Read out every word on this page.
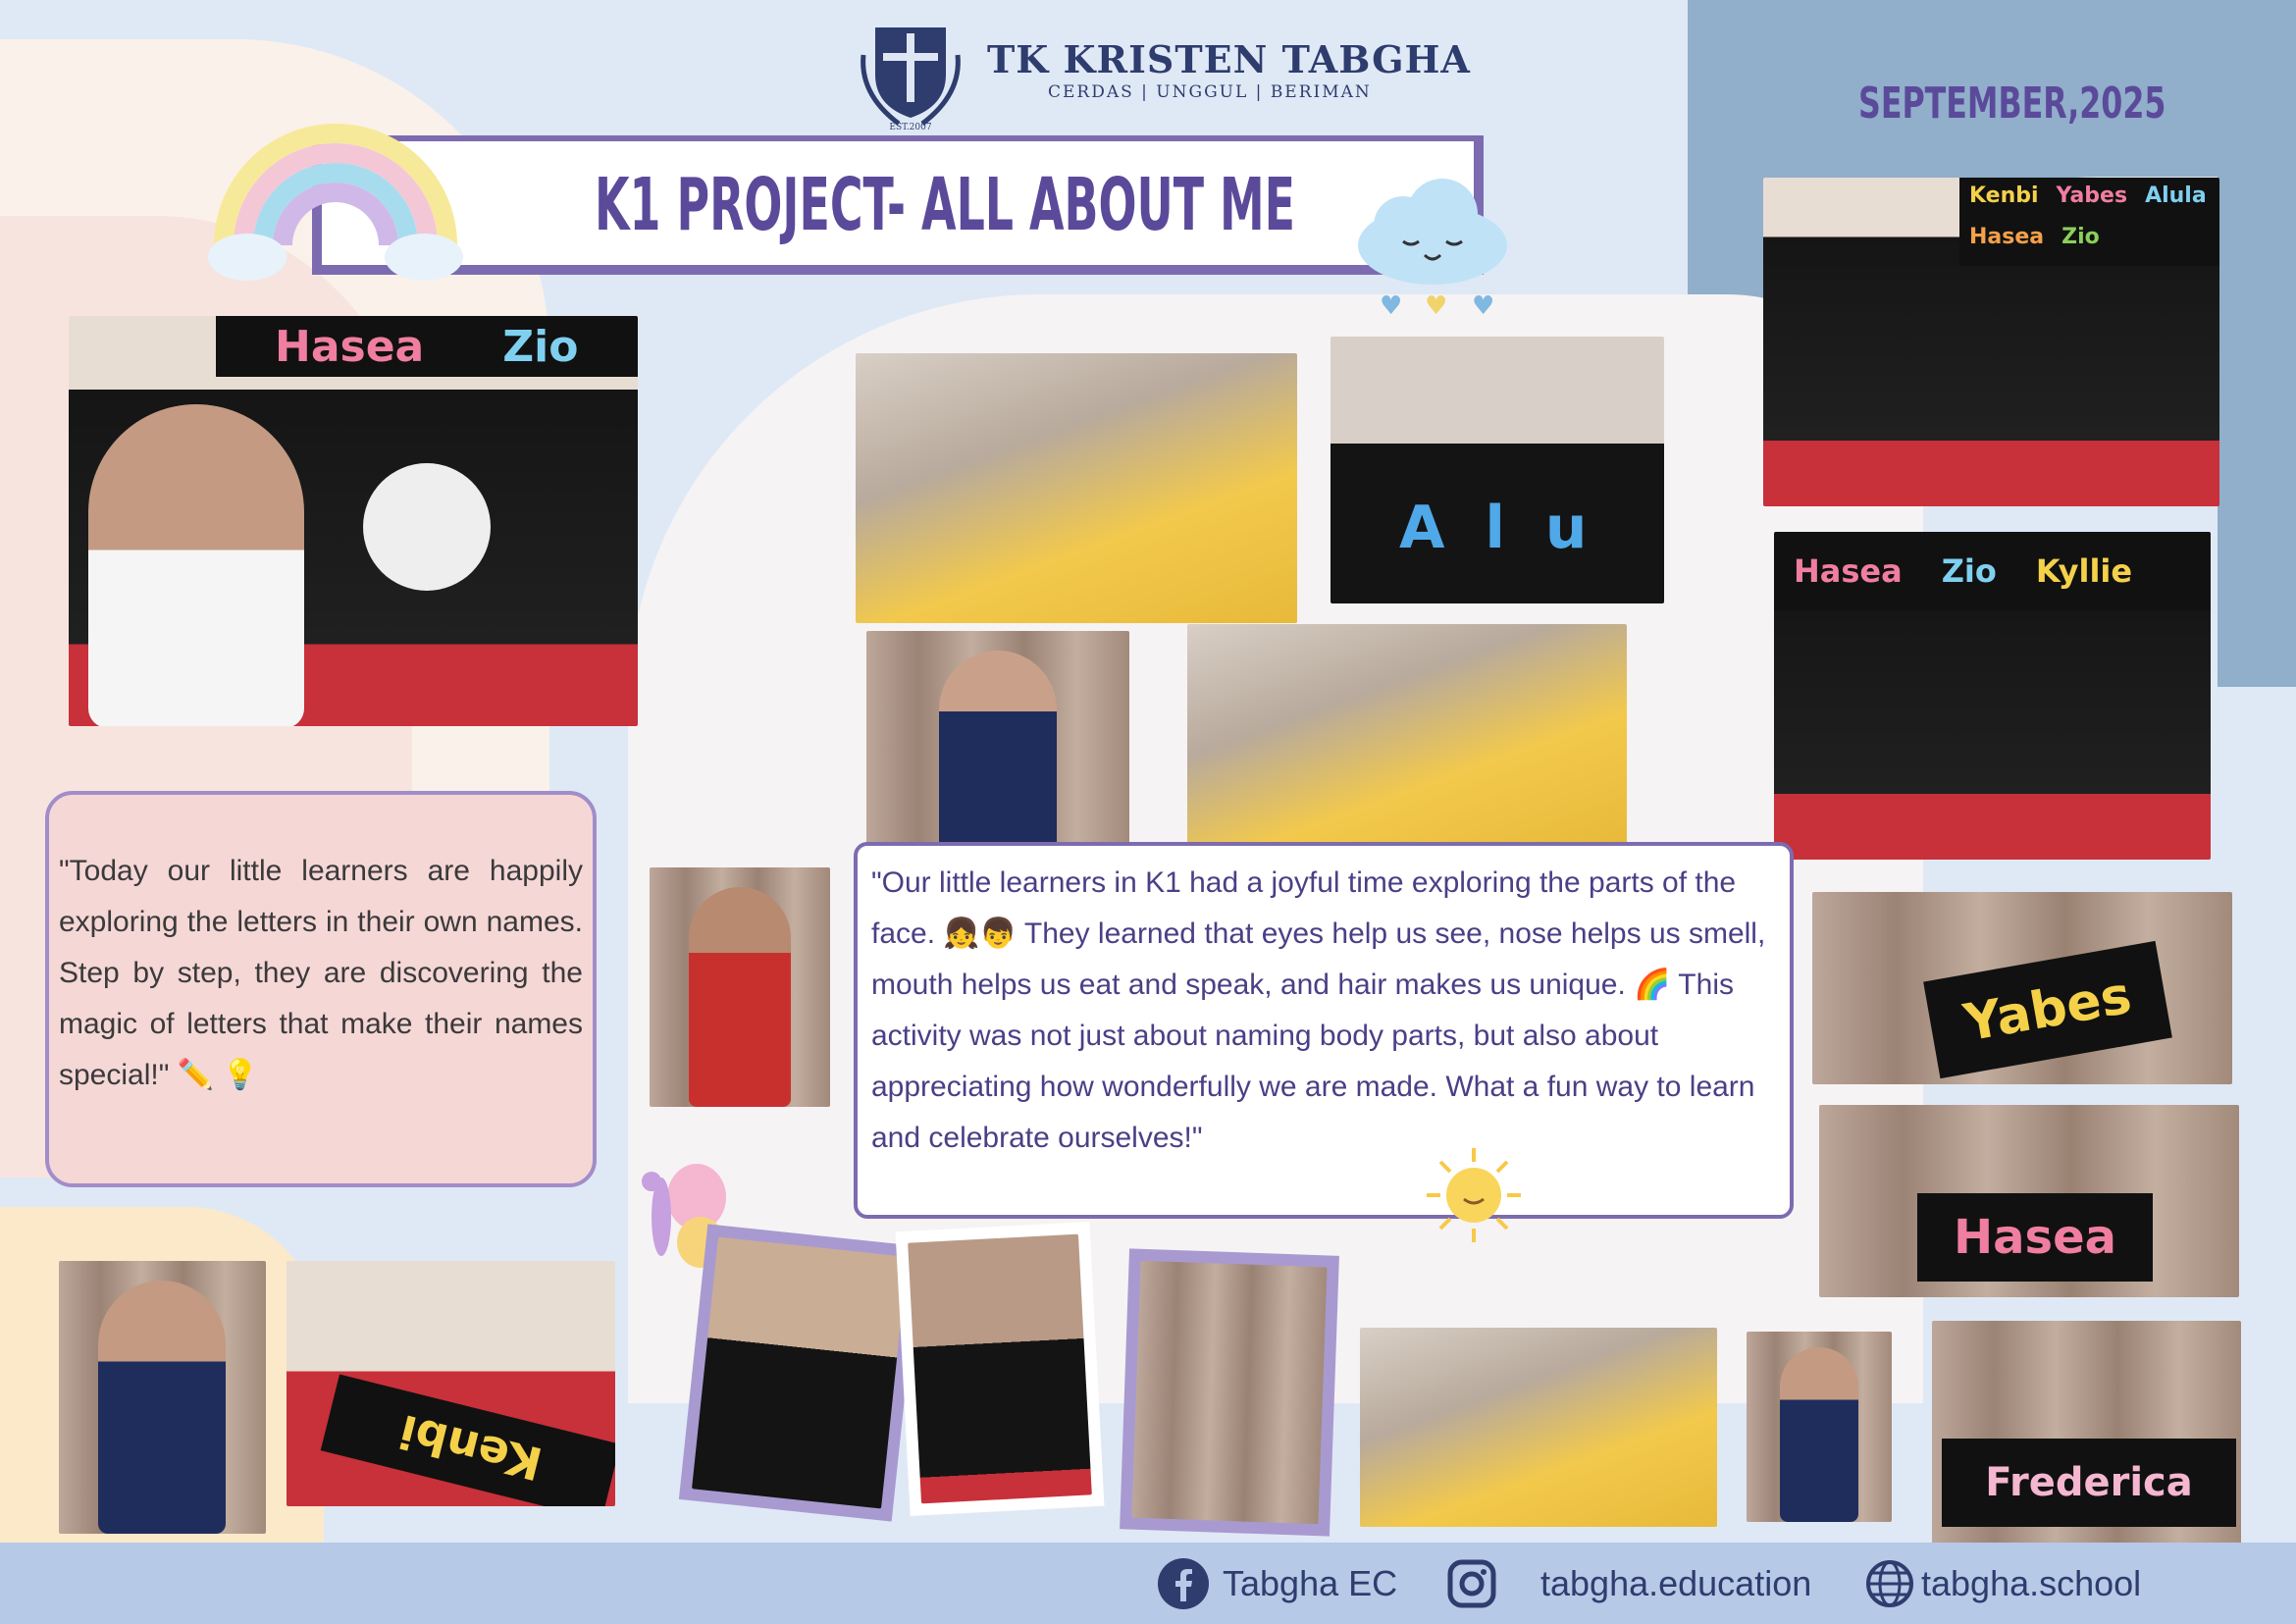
EST.2007
TK KRISTEN TABGHA
CERDAS | UNGGUL | BERIMAN	SEPTEMBER,2025
K1 PROJECT- ALL ABOUT ME
♥ ♥ ♥
Hasea Zio
A l u
Kenbi Yabes Alula
Hasea Zio
Hasea Zio Kyllie
Yabes
Hasea
"Today our little learners are happily exploring the letters in their own names. Step by step, they are discovering the magic of letters that make their names special!" ✏️ 💡
"Our little learners in K1 had a joyful time exploring the parts of the face. 👧👦 They learned that eyes help us see, nose helps us smell, mouth helps us eat and speak, and hair makes us unique. 🌈 This activity was not just about naming body parts, but also about appreciating how wonderfully we are made. What a fun way to learn and celebrate ourselves!"
Kenbi	Frederica
Tabgha EC	tabgha.education	tabgha.school
